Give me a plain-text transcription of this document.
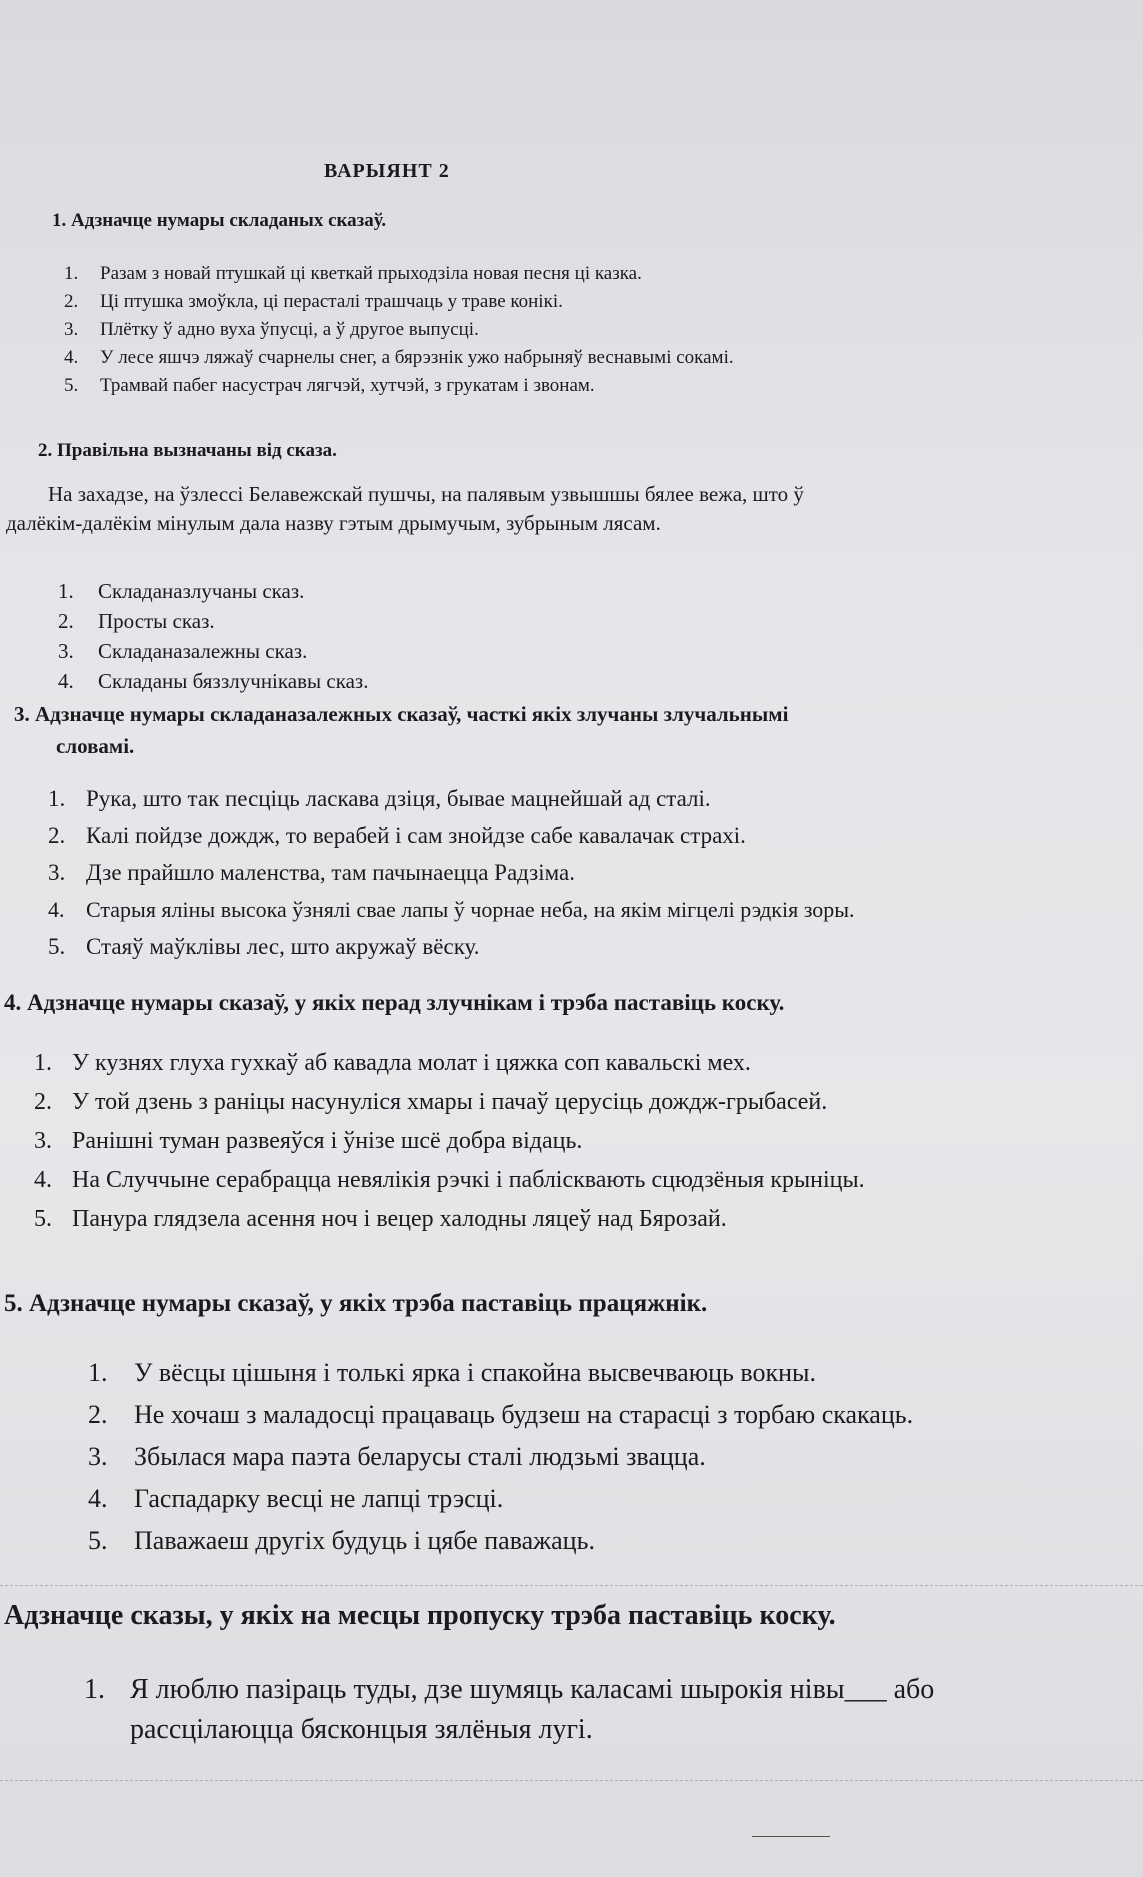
ВАРЫЯНТ 2
1. Адзначце нумары складаных сказаў.
1. Разам з новай птушкай ці кветкай прыходзіла новая песня ці казка.
2. Ці птушка змоўкла, ці перасталі трашчаць у траве конікі.
3. Плётку ў адно вуха ўпусці, а ў другое выпусці.
4. У лесе яшчэ ляжаў счарнелы снег, а бярэзнік ужо набрыняў веснавымі сокамі.
5. Трамвай пабег насустрач лягчэй, хутчэй, з грукатам і звонам.
2. Правільна вызначаны від сказа.
На захадзе, на ўзлессі Белавежскай пушчы, на палявым узвышшы бялее вежа, што ў
далёкім-далёкім мінулым дала назву гэтым дрымучым, зубрыным лясам.
1. Складаназлучаны сказ.
2. Просты сказ.
3. Складаназалежны сказ.
4. Складаны бяззлучнікавы сказ.
3. Адзначце нумары складаназалежных сказаў, часткі якіх злучаны злучальнымі
словамі.
1. Рука, што так песціць ласкава дзіця, бывае мацнейшай ад сталі.
2. Калі пойдзе дождж, то верабей і сам знойдзе сабе кавалачак страхі.
3. Дзе прайшло маленства, там пачынаецца Радзіма.
4. Старыя яліны высока ўзнялі свае лапы ў чорнае неба, на якім мігцелі рэдкія зоры.
5. Стаяў маўклівы лес, што акружаў вёску.
4. Адзначце нумары сказаў, у якіх перад злучнікам і трэба паставіць коску.
1. У кузнях глуха гухкаў аб кавадла молат і цяжка соп кавальскі мех.
2. У той дзень з раніцы насунуліся хмары і пачаў церусіць дождж-грыбасей.
3. Ранішні туман развеяўся і ўнізе шсё добра відаць.
4. На Случчыне серабрацца невялікія рэчкі і паблісквають сцюдзёныя крыніцы.
5. Панура глядзела асення ноч і вецер халодны ляцеў над Бярозай.
5. Адзначце нумары сказаў, у якіх трэба паставіць працяжнік.
1. У вёсцы цішыня і толькі ярка і спакойна высвечваюць вокны.
2. Не хочаш з маладосці працаваць будзеш на старасці з торбаю скакаць.
3. Збылася мара паэта беларусы сталі людзьмі звацца.
4. Гаспадарку весці не лапці трэсці.
5. Паважаеш другіх будуць і цябе паважаць.
Адзначце сказы, у якіх на месцы пропуску трэба паставіць коску.
1. Я люблю пазіраць туды, дзе шумяць каласамі шырокія нівы___ або
рассцілаюцца бясконцыя зялёныя лугі.
